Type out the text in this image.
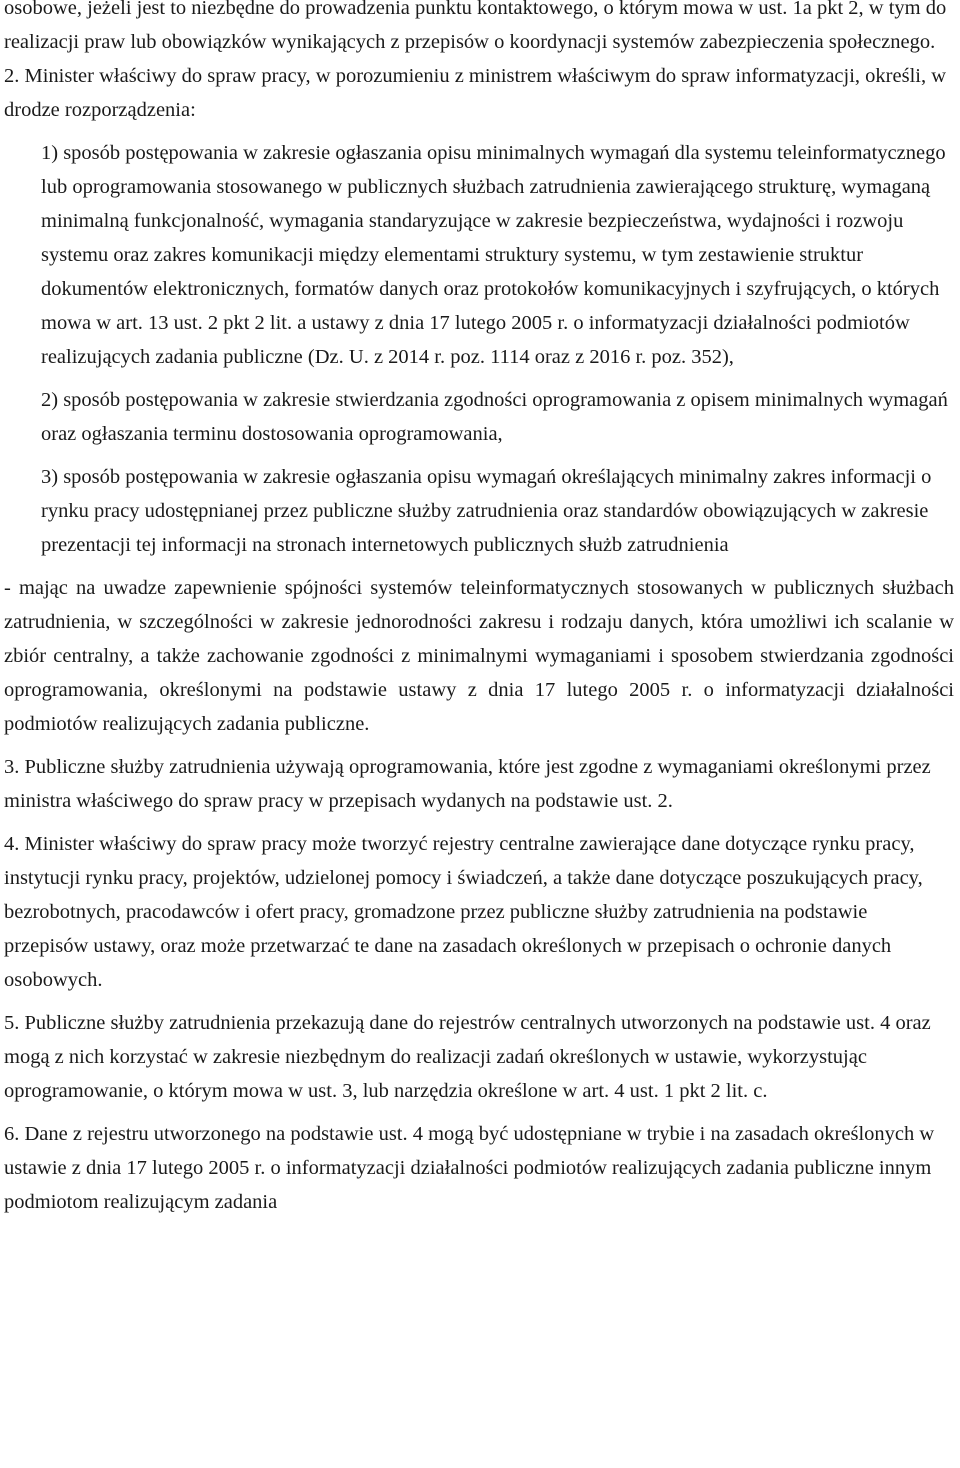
osobowe, jeżeli jest to niezbędne do prowadzenia punktu kontaktowego, o którym mowa w ust. 1a pkt 2, w tym do realizacji praw lub obowiązków wynikających z przepisów o koordynacji systemów zabezpieczenia społecznego.

2. Minister właściwy do spraw pracy, w porozumieniu z ministrem właściwym do spraw informatyzacji, określi, w drodze rozporządzenia:

1) sposób postępowania w zakresie ogłaszania opisu minimalnych wymagań dla systemu teleinformatycznego lub oprogramowania stosowanego w publicznych służbach zatrudnienia zawierającego strukturę, wymaganą minimalną funkcjonalność, wymagania standaryzujące w zakresie bezpieczeństwa, wydajności i rozwoju systemu oraz zakres komunikacji między elementami struktury systemu, w tym zestawienie struktur dokumentów elektronicznych, formatów danych oraz protokołów komunikacyjnych i szyfrujących, o których mowa w art. 13 ust. 2 pkt 2 lit. a ustawy z dnia 17 lutego 2005 r. o informatyzacji działalności podmiotów realizujących zadania publiczne (Dz. U. z 2014 r. poz. 1114 oraz z 2016 r. poz. 352),

2) sposób postępowania w zakresie stwierdzania zgodności oprogramowania z opisem minimalnych wymagań oraz ogłaszania terminu dostosowania oprogramowania,

3) sposób postępowania w zakresie ogłaszania opisu wymagań określających minimalny zakres informacji o rynku pracy udostępnianej przez publiczne służby zatrudnienia oraz standardów obowiązujących w zakresie prezentacji tej informacji na stronach internetowych publicznych służb zatrudnienia

- mając na uwadze zapewnienie spójności systemów teleinformatycznych stosowanych w publicznych służbach zatrudnienia, w szczególności w zakresie jednorodności zakresu i rodzaju danych, która umożliwi ich scalanie w zbiór centralny, a także zachowanie zgodności z minimalnymi wymaganiami i sposobem stwierdzania zgodności oprogramowania, określonymi na podstawie ustawy z dnia 17 lutego 2005 r. o informatyzacji działalności podmiotów realizujących zadania publiczne.

3. Publiczne służby zatrudnienia używają oprogramowania, które jest zgodne z wymaganiami określonymi przez ministra właściwego do spraw pracy w przepisach wydanych na podstawie ust. 2.

4. Minister właściwy do spraw pracy może tworzyć rejestry centralne zawierające dane dotyczące rynku pracy, instytucji rynku pracy, projektów, udzielonej pomocy i świadczeń, a także dane dotyczące poszukujących pracy, bezrobotnych, pracodawców i ofert pracy, gromadzone przez publiczne służby zatrudnienia na podstawie przepisów ustawy, oraz może przetwarzać te dane na zasadach określonych w przepisach o ochronie danych osobowych.

5. Publiczne służby zatrudnienia przekazują dane do rejestrów centralnych utworzonych na podstawie ust. 4 oraz mogą z nich korzystać w zakresie niezbędnym do realizacji zadań określonych w ustawie, wykorzystując oprogramowanie, o którym mowa w ust. 3, lub narzędzia określone w art. 4 ust. 1 pkt 2 lit. c.

6. Dane z rejestru utworzonego na podstawie ust. 4 mogą być udostępniane w trybie i na zasadach określonych w ustawie z dnia 17 lutego 2005 r. o informatyzacji działalności podmiotów realizujących zadania publiczne innym podmiotom realizującym zadania
